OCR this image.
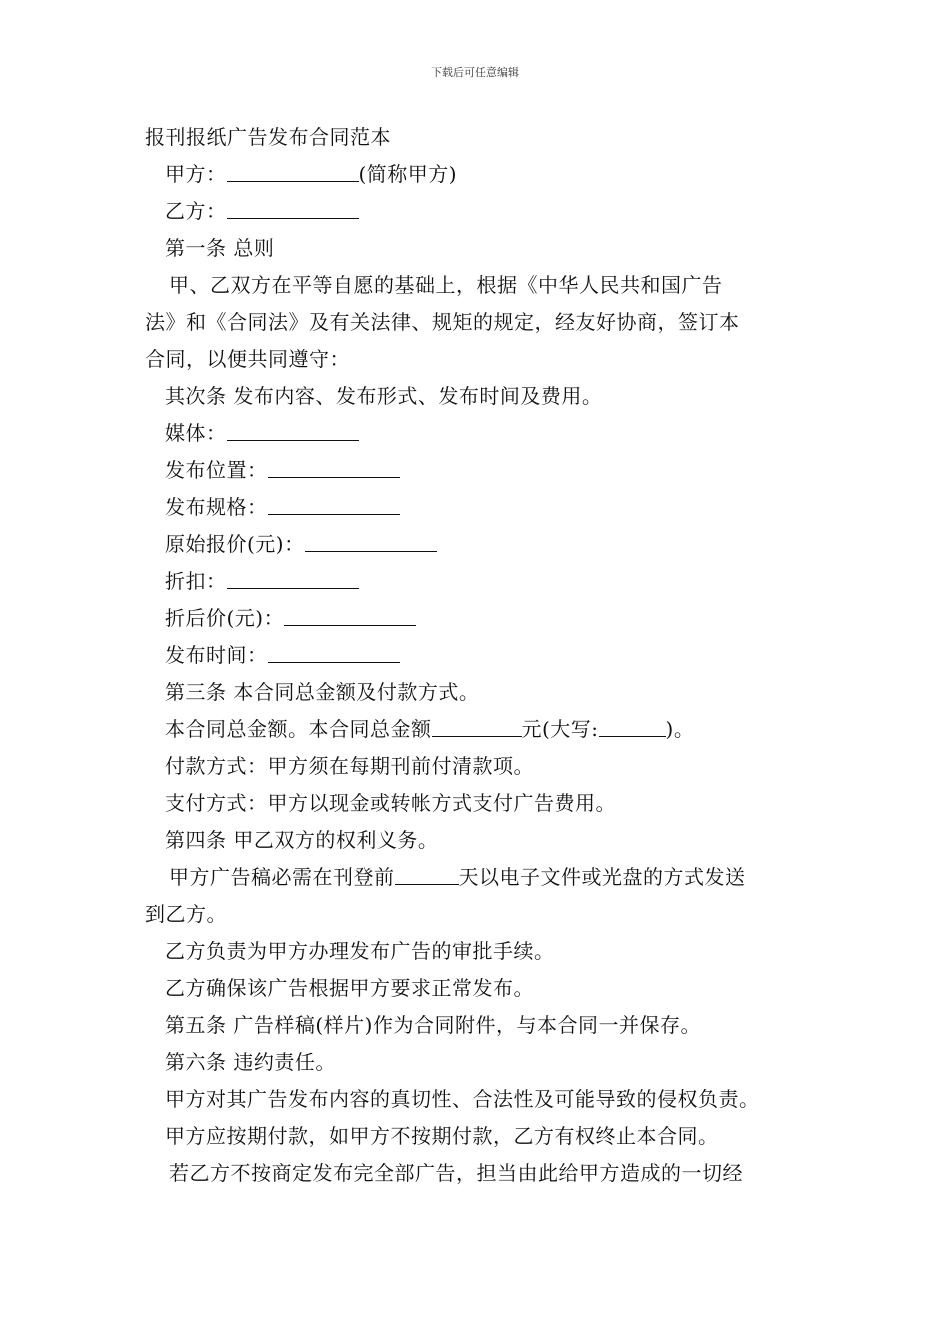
下载后可任意编辑
报刊报纸广告发布合同范本
甲方：	(简称甲方)
乙方：
第一条 总则
甲、乙双方在平等自愿的基础上，根据《中华人民共和国广告
法》和《合同法》及有关法律、规矩的规定，经友好协商，签订本
合同，以便共同遵守：
其次条 发布内容、发布形式、发布时间及费用。
媒体：
发布位置：
发布规格：
原始报价(元)：
折扣：
折后价(元)：
发布时间：
第三条 本合同总金额及付款方式。
本合同总金额。本合同总金额	元(大写:	)。
付款方式：甲方须在每期刊前付清款项。
支付方式：甲方以现金或转帐方式支付广告费用。
第四条 甲乙双方的权利义务。
甲方广告稿必需在刊登前	天以电子文件或光盘的方式发送
到乙方。
乙方负责为甲方办理发布广告的审批手续。
乙方确保该广告根据甲方要求正常发布。
第五条 广告样稿(样片)作为合同附件，与本合同一并保存。
第六条 违约责任。
甲方对其广告发布内容的真切性、合法性及可能导致的侵权负责。
甲方应按期付款，如甲方不按期付款，乙方有权终止本合同。
若乙方不按商定发布完全部广告，担当由此给甲方造成的一切经
